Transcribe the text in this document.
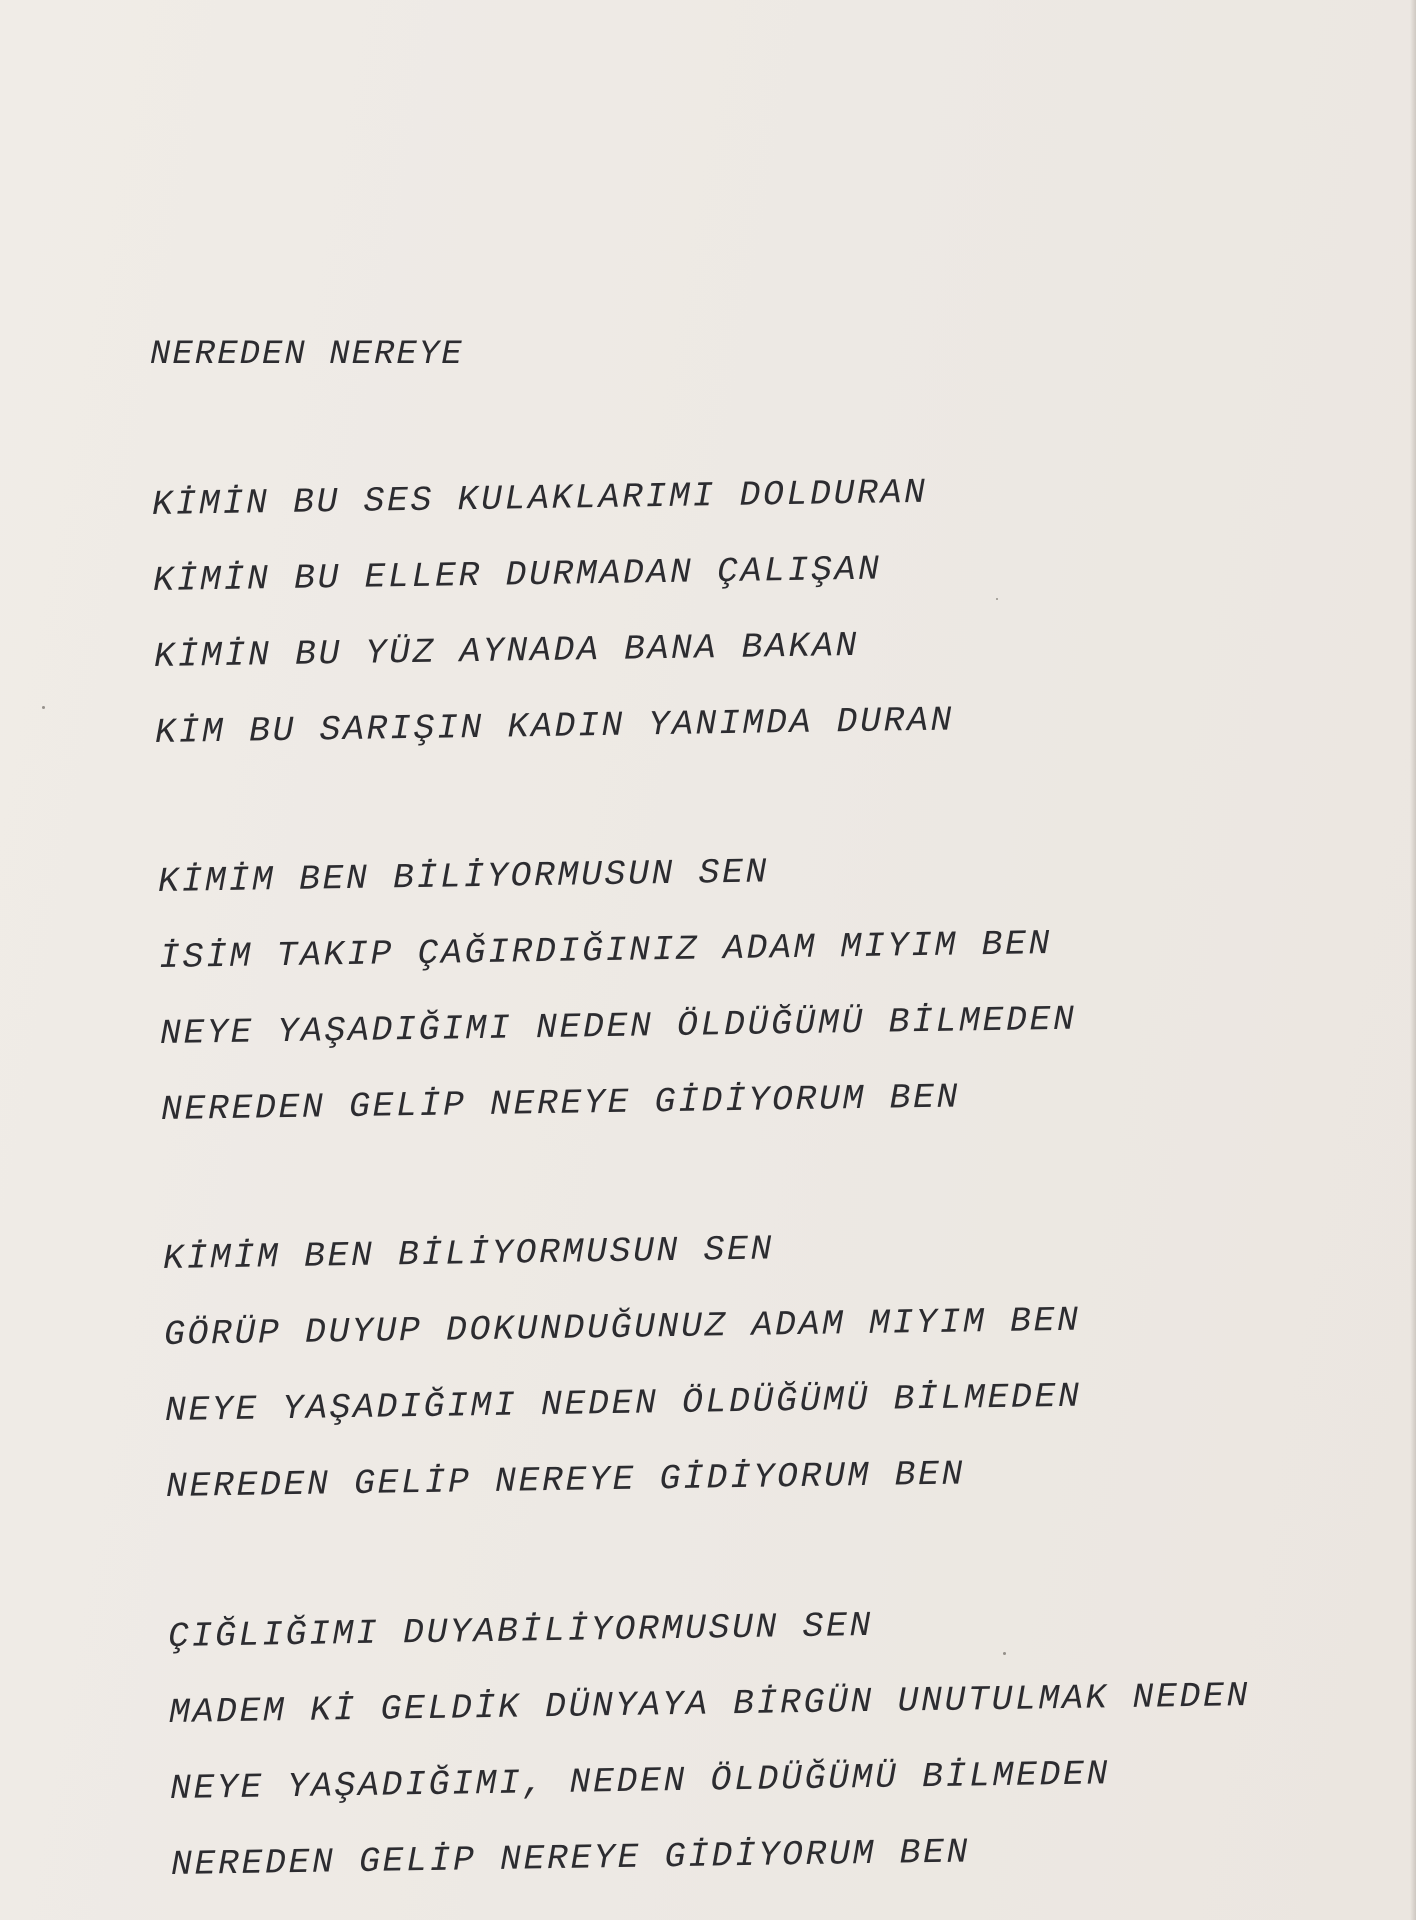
NEREDEN NEREYE

KİMİN BU SES KULAKLARIMI DOLDURAN

KİMİN BU ELLER DURMADAN ÇALIŞAN

KİMİN BU YÜZ AYNADA BANA BAKAN

KİM BU SARIŞIN KADIN YANIMDA DURAN

KİMİM BEN BİLİYORMUSUN SEN

İSİM TAKIP ÇAĞIRDIĞINIZ ADAM MIYIM BEN

NEYE YAŞADIĞIMI NEDEN ÖLDÜĞÜMÜ BİLMEDEN

NEREDEN GELİP NEREYE GİDİYORUM BEN

KİMİM BEN BİLİYORMUSUN SEN

GÖRÜP DUYUP DOKUNDUĞUNUZ ADAM MIYIM BEN

NEYE YAŞADIĞIMI NEDEN ÖLDÜĞÜMÜ BİLMEDEN

NEREDEN GELİP NEREYE GİDİYORUM BEN

ÇIĞLIĞIMI DUYABİLİYORMUSUN SEN

MADEM Kİ GELDİK DÜNYAYA BİRGÜN UNUTULMAK NEDEN

NEYE YAŞADIĞIMI, NEDEN ÖLDÜĞÜMÜ BİLMEDEN

NEREDEN GELİP NEREYE GİDİYORUM BEN
